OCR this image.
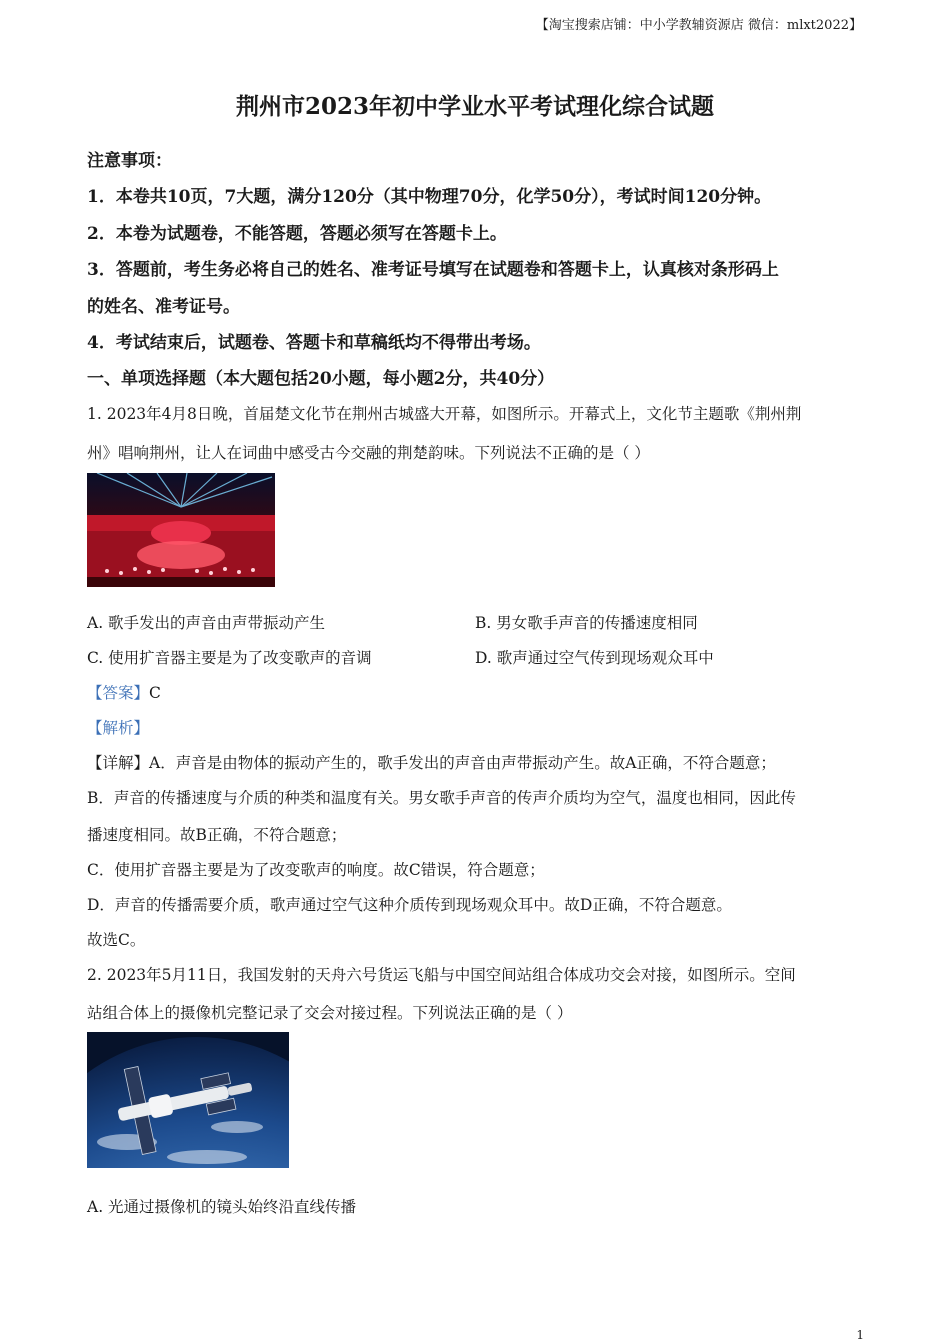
【淘宝搜索店铺：中小学教辅资源店 微信：mlxt2022】
荆州市2023年初中学业水平考试理化综合试题
注意事项：
1．本卷共10页，7大题，满分120分（其中物理70分，化学50分），考试时间120分钟。
2．本卷为试题卷，不能答题，答题必须写在答题卡上。
3．答题前，考生务必将自己的姓名、准考证号填写在试题卷和答题卡上，认真核对条形码上
的姓名、准考证号。
4．考试结束后，试题卷、答题卡和草稿纸均不得带出考场。
一、单项选择题（本大题包括20小题，每小题2分，共40分）
1. 2023年4月8日晚，首届楚文化节在荆州古城盛大开幕，如图所示。开幕式上，文化节主题歌《荆州荆
州》唱响荆州，让人在词曲中感受古今交融的荆楚韵味。下列说法不正确的是（ ）
A. 歌手发出的声音由声带振动产生	B. 男女歌手声音的传播速度相同
C. 使用扩音器主要是为了改变歌声的音调	D. 歌声通过空气传到现场观众耳中
【答案】C
【解析】
【详解】A．声音是由物体的振动产生的，歌手发出的声音由声带振动产生。故A正确，不符合题意；
B．声音的传播速度与介质的种类和温度有关。男女歌手声音的传声介质均为空气，温度也相同，因此传
播速度相同。故B正确，不符合题意；
C．使用扩音器主要是为了改变歌声的响度。故C错误，符合题意；
D．声音的传播需要介质，歌声通过空气这种介质传到现场观众耳中。故D正确，不符合题意。
故选C。
2. 2023年5月11日，我国发射的天舟六号货运飞船与中国空间站组合体成功交会对接，如图所示。空间
站组合体上的摄像机完整记录了交会对接过程。下列说法正确的是（ ）
A. 光通过摄像机的镜头始终沿直线传播
1
